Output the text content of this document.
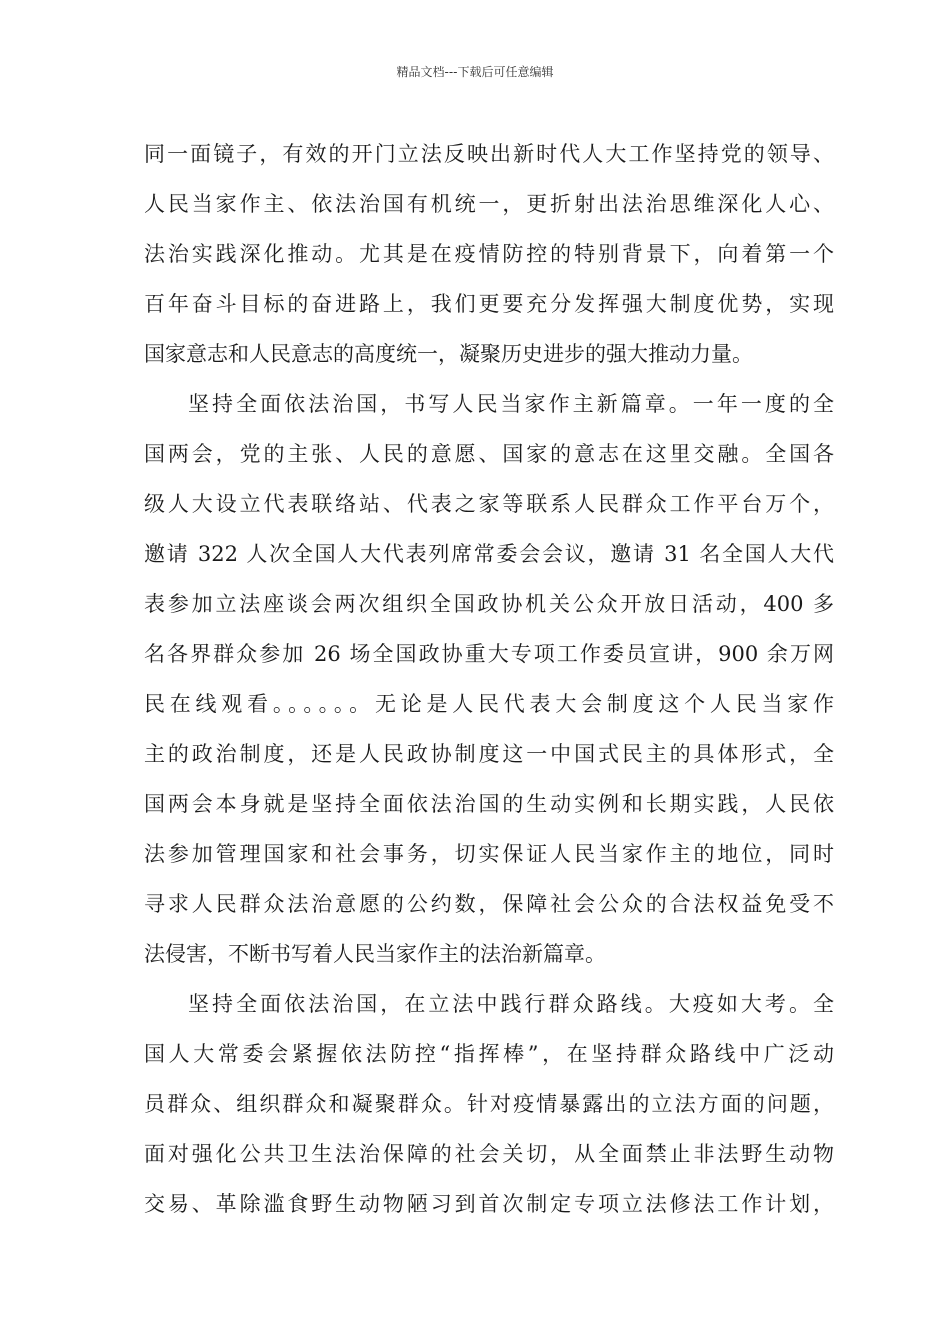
精品文档---下载后可任意编辑
同一面镜子，有效的开门立法反映出新时代人大工作坚持党的领导、
人民当家作主、依法治国有机统一，更折射出法治思维深化人心、
法治实践深化推动。尤其是在疫情防控的特别背景下，向着第一个
百年奋斗目标的奋进路上，我们更要充分发挥强大制度优势，实现
国家意志和人民意志的高度统一，凝聚历史进步的强大推动力量。
坚持全面依法治国，书写人民当家作主新篇章。一年一度的全
国两会，党的主张、人民的意愿、国家的意志在这里交融。全国各
级人大设立代表联络站、代表之家等联系人民群众工作平台万个，
邀请 322 人次全国人大代表列席常委会会议，邀请 31 名全国人大代
表参加立法座谈会两次组织全国政协机关公众开放日活动，400 多
名各界群众参加 26 场全国政协重大专项工作委员宣讲，900 余万网
民在线观看。。。。。。无论是人民代表大会制度这个人民当家作
主的政治制度，还是人民政协制度这一中国式民主的具体形式，全
国两会本身就是坚持全面依法治国的生动实例和长期实践，人民依
法参加管理国家和社会事务，切实保证人民当家作主的地位，同时
寻求人民群众法治意愿的公约数，保障社会公众的合法权益免受不
法侵害，不断书写着人民当家作主的法治新篇章。
坚持全面依法治国，在立法中践行群众路线。大疫如大考。全
国人大常委会紧握依法防控“指挥棒”，在坚持群众路线中广泛动
员群众、组织群众和凝聚群众。针对疫情暴露出的立法方面的问题，
面对强化公共卫生法治保障的社会关切，从全面禁止非法野生动物
交易、革除滥食野生动物陋习到首次制定专项立法修法工作计划，
